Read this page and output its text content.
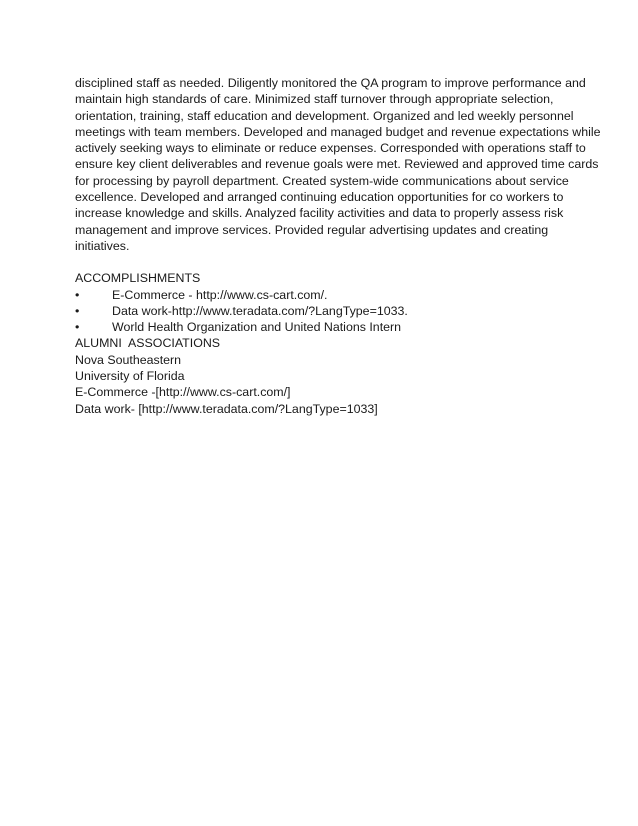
disciplined staff as needed. Diligently monitored the QA program to improve performance and
maintain high standards of care. Minimized staff turnover through appropriate selection,
orientation, training, staff education and development. Organized and led weekly personnel
meetings with team members. Developed and managed budget and revenue expectations while
actively seeking ways to eliminate or reduce expenses. Corresponded with operations staff to
ensure key client deliverables and revenue goals were met. Reviewed and approved time cards
for processing by payroll department. Created system-wide communications about service
excellence. Developed and arranged continuing education opportunities for co workers to
increase knowledge and skills. Analyzed facility activities and data to properly assess risk
management and improve services. Provided regular advertising updates and creating
initiatives.
ACCOMPLISHMENTS
•	E-Commerce - http://www.cs-cart.com/.
•	Data work-http://www.teradata.com/?LangType=1033.
•	World Health Organization and United Nations Intern
ALUMNI  ASSOCIATIONS
Nova Southeastern
University of Florida
E-Commerce -[http://www.cs-cart.com/]
Data work- [http://www.teradata.com/?LangType=1033]
